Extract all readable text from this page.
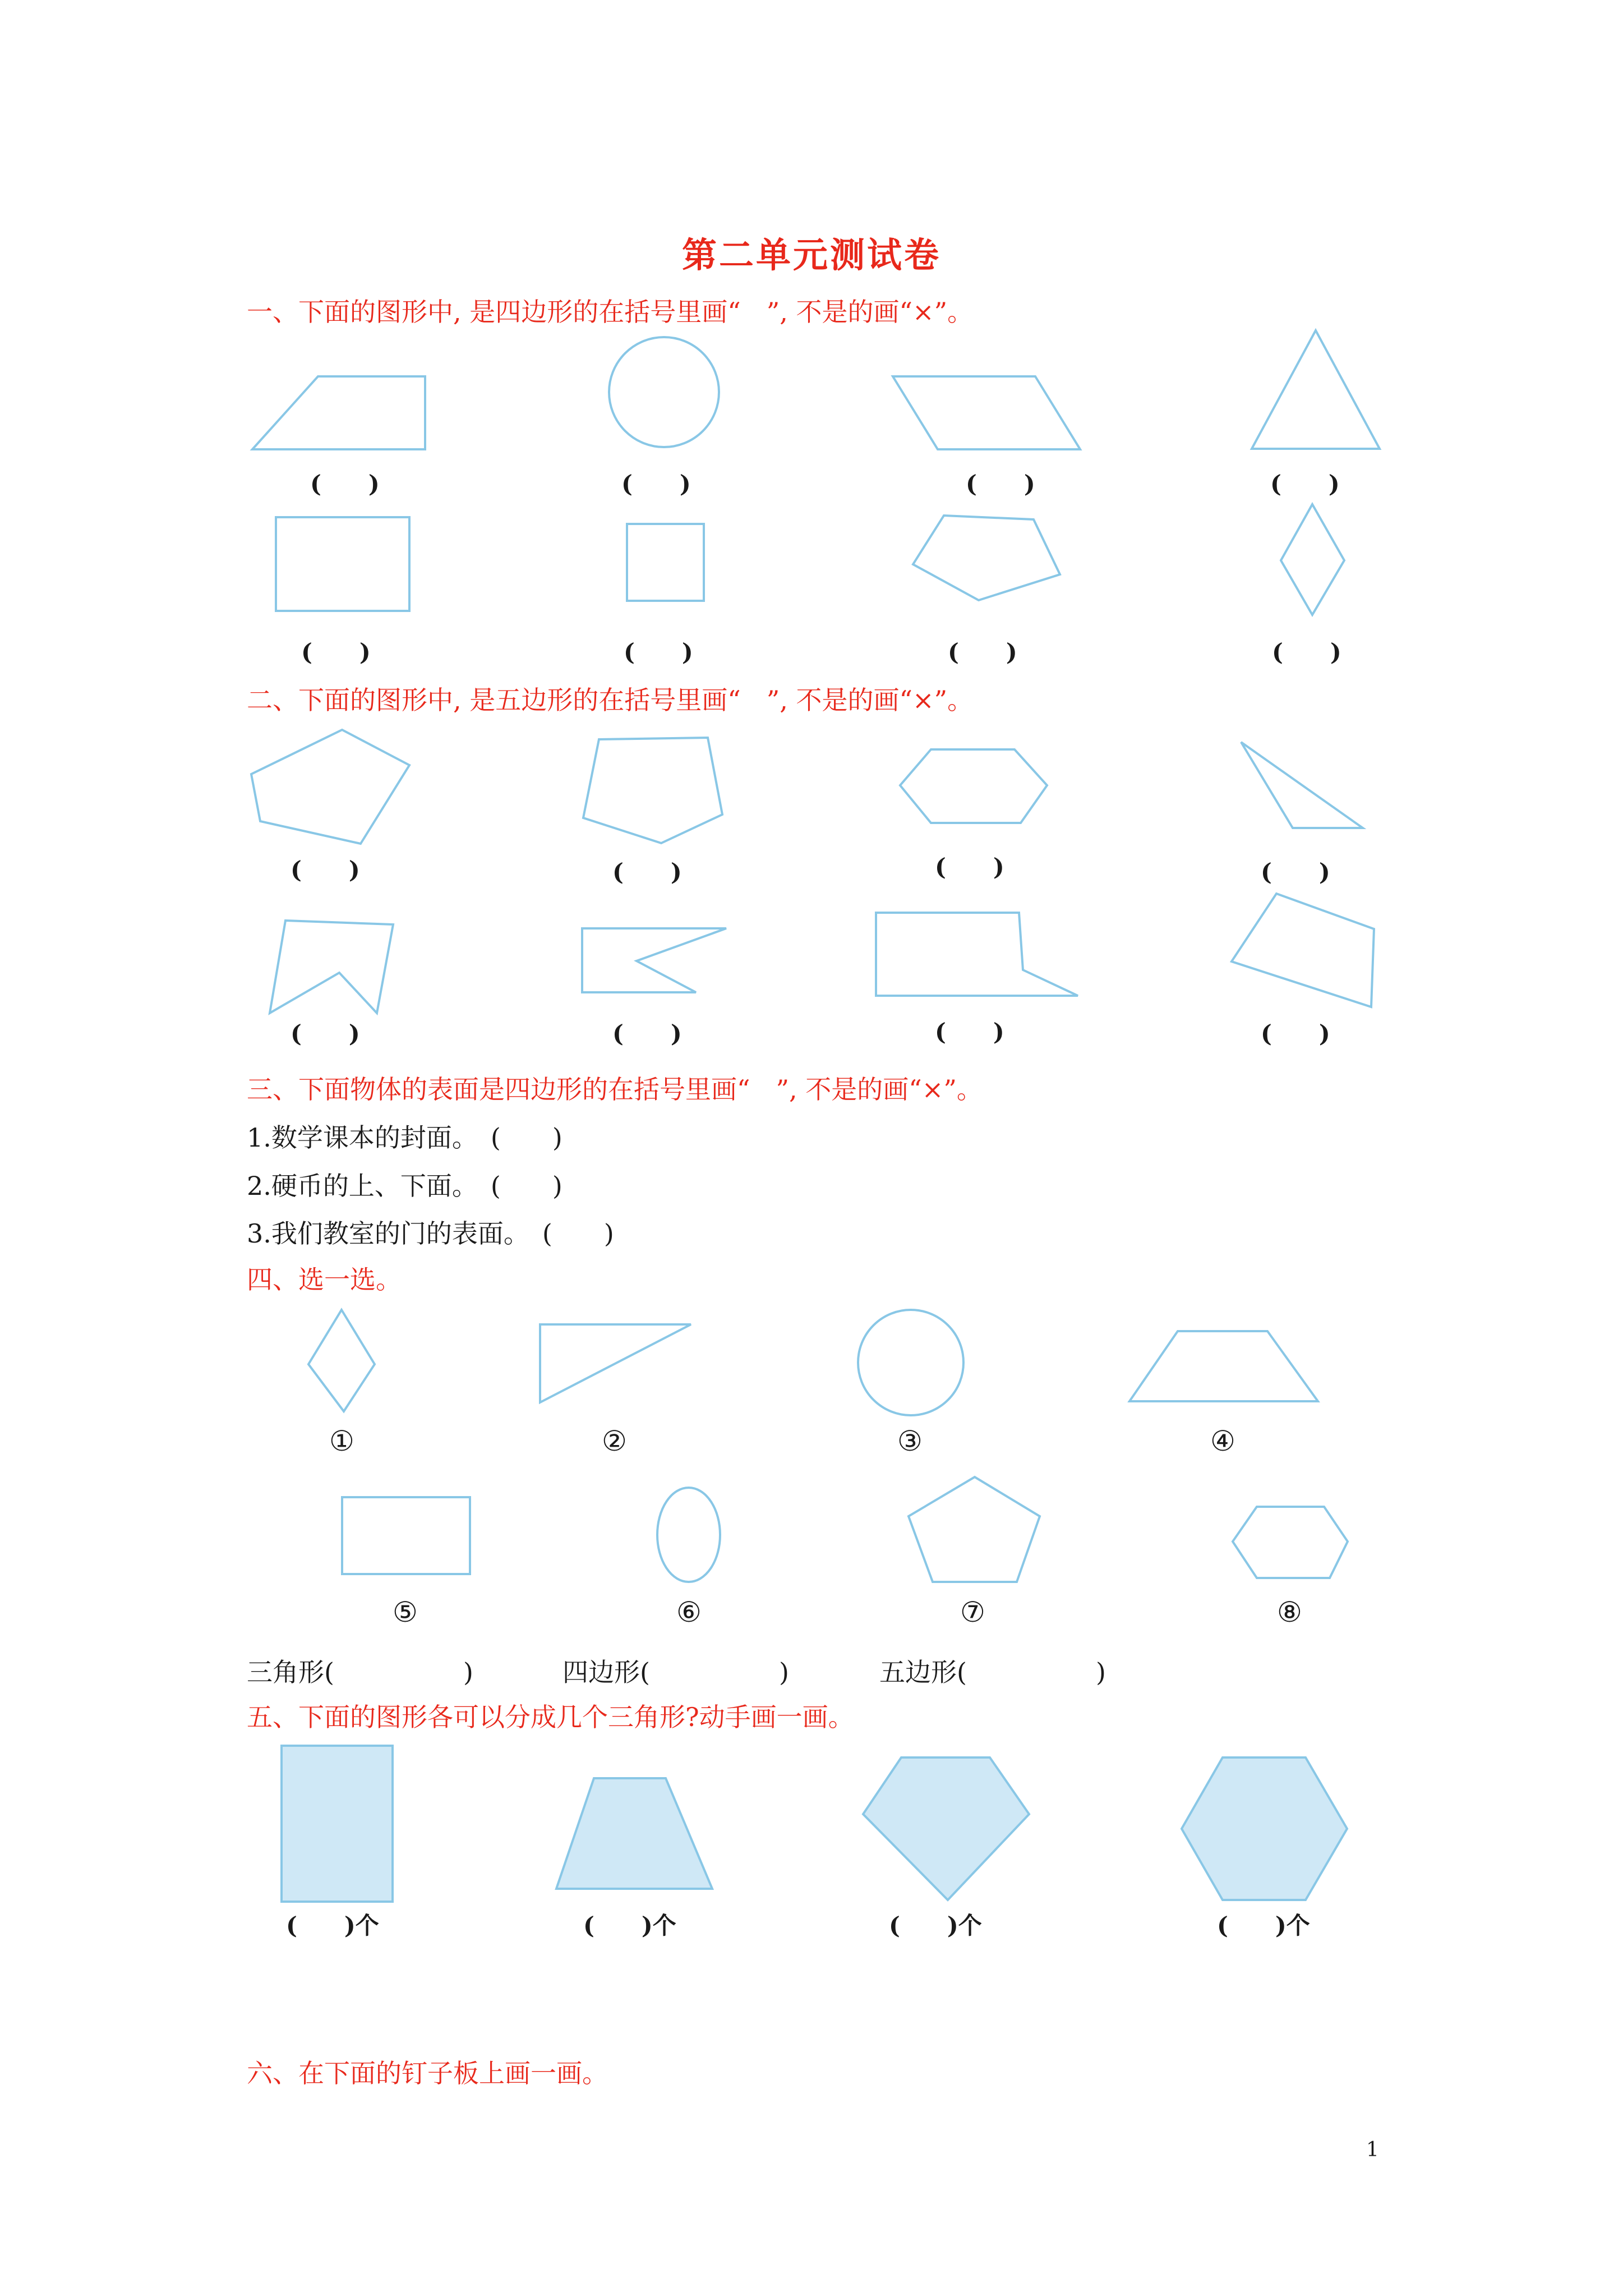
第二单元测试卷
一、下面的图形中, 是四边形的在括号里画“　”, 不是的画“×”。
(　　)	(　　)	(　　)	(　　)
(　　)	(　　)	(　　)	(　　)
二、下面的图形中, 是五边形的在括号里画“　”, 不是的画“×”。
(　　)	(　　)	(　　)	(　　)
(　　)	(　　)	(　　)	(　　)
三、下面物体的表面是四边形的在括号里画“　”, 不是的画“×”。
1.数学课本的封面。　(　　)
2.硬币的上、下面。　(　　)
3.我们教室的门的表面。　(　　)
四、选一选。
①	②	③	④
⑤	⑥	⑦	⑧
三角形(　　　　　)	四边形(　　　　　)	五边形(　　　　　)
五、下面的图形各可以分成几个三角形?动手画一画。
(　　)个	(　　)个	(　　)个	(　　)个
六、在下面的钉子板上画一画。
1
